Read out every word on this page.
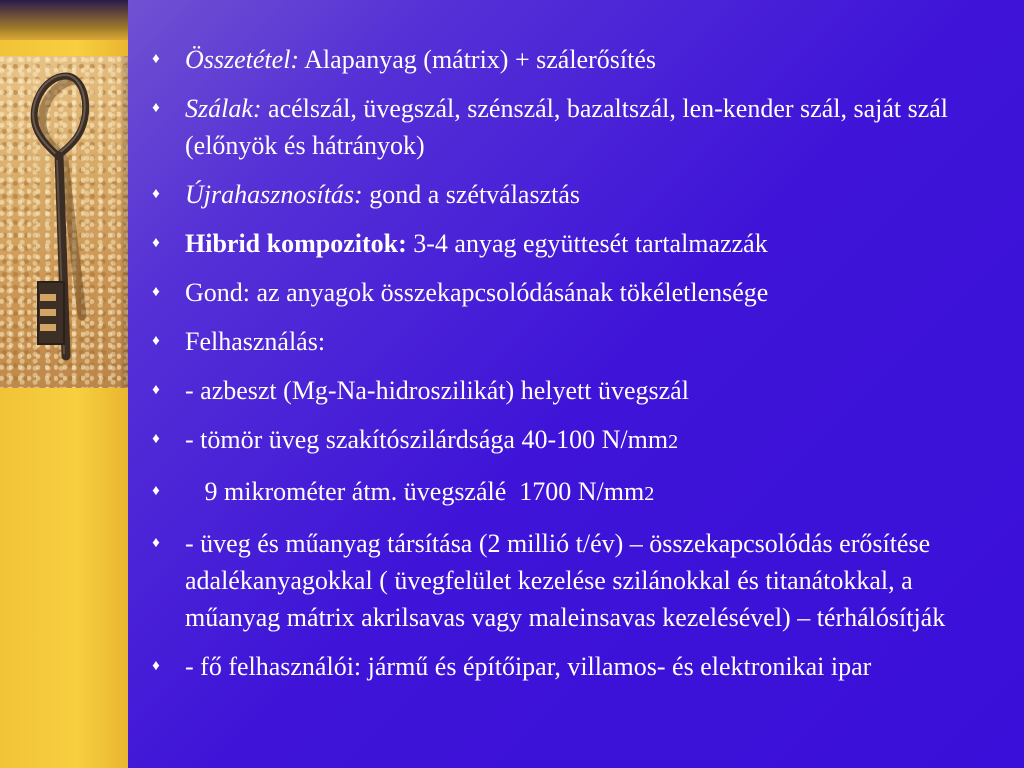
♦ Összetétel: Alapanyag (mátrix) + szálerősítés
♦ Szálak: acélszál, üvegszál, szénszál, bazaltszál, len-kender szál, saját szál (előnyök és hátrányok)
♦ Újrahasznosítás: gond a szétválasztás
♦ Hibrid kompozitok: 3-4 anyag együttesét tartalmazzák
♦ Gond: az anyagok összekapcsolódásának tökéletlensége
♦ Felhasználás:
♦ - azbeszt (Mg-Na-hidroszilikát) helyett üvegszál
♦ - tömör üveg szakítószilárdsága 40-100 N/mm2
♦ 9 mikrométer átm. üvegszálé  1700 N/mm2
♦ - üveg és műanyag társítása (2 millió t/év) – összekapcsolódás erősítése adalékanyagokkal ( üvegfelület kezelése szilánokkal és titanátokkal, a műanyag mátrix akrilsavas vagy maleinsavas kezelésével) – térhálósítják
♦ - fő felhasználói: jármű és építőipar, villamos- és elektronikai ipar
